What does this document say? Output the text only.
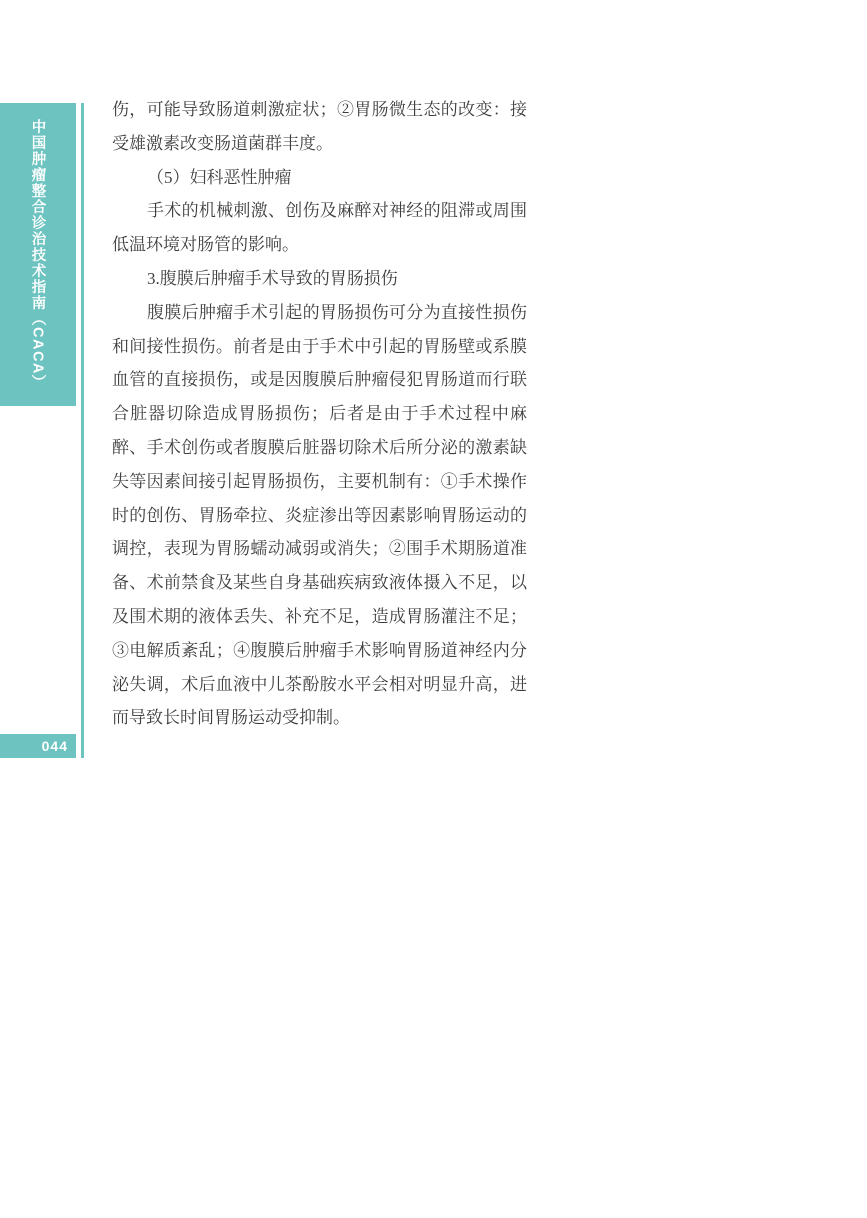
中国肿瘤整合诊治技术指南（CACA）
044
伤，可能导致肠道刺激症状；②胃肠微生态的改变：接
受雄激素改变肠道菌群丰度。
（5）妇科恶性肿瘤
手术的机械刺激、创伤及麻醉对神经的阻滞或周围
低温环境对肠管的影响。
3.腹膜后肿瘤手术导致的胃肠损伤
腹膜后肿瘤手术引起的胃肠损伤可分为直接性损伤
和间接性损伤。前者是由于手术中引起的胃肠壁或系膜
血管的直接损伤，或是因腹膜后肿瘤侵犯胃肠道而行联
合脏器切除造成胃肠损伤；后者是由于手术过程中麻
醉、手术创伤或者腹膜后脏器切除术后所分泌的激素缺
失等因素间接引起胃肠损伤，主要机制有：①手术操作
时的创伤、胃肠牵拉、炎症渗出等因素影响胃肠运动的
调控，表现为胃肠蠕动减弱或消失；②围手术期肠道准
备、术前禁食及某些自身基础疾病致液体摄入不足，以
及围术期的液体丢失、补充不足，造成胃肠灌注不足；
③电解质紊乱；④腹膜后肿瘤手术影响胃肠道神经内分
泌失调，术后血液中儿茶酚胺水平会相对明显升高，进
而导致长时间胃肠运动受抑制。
